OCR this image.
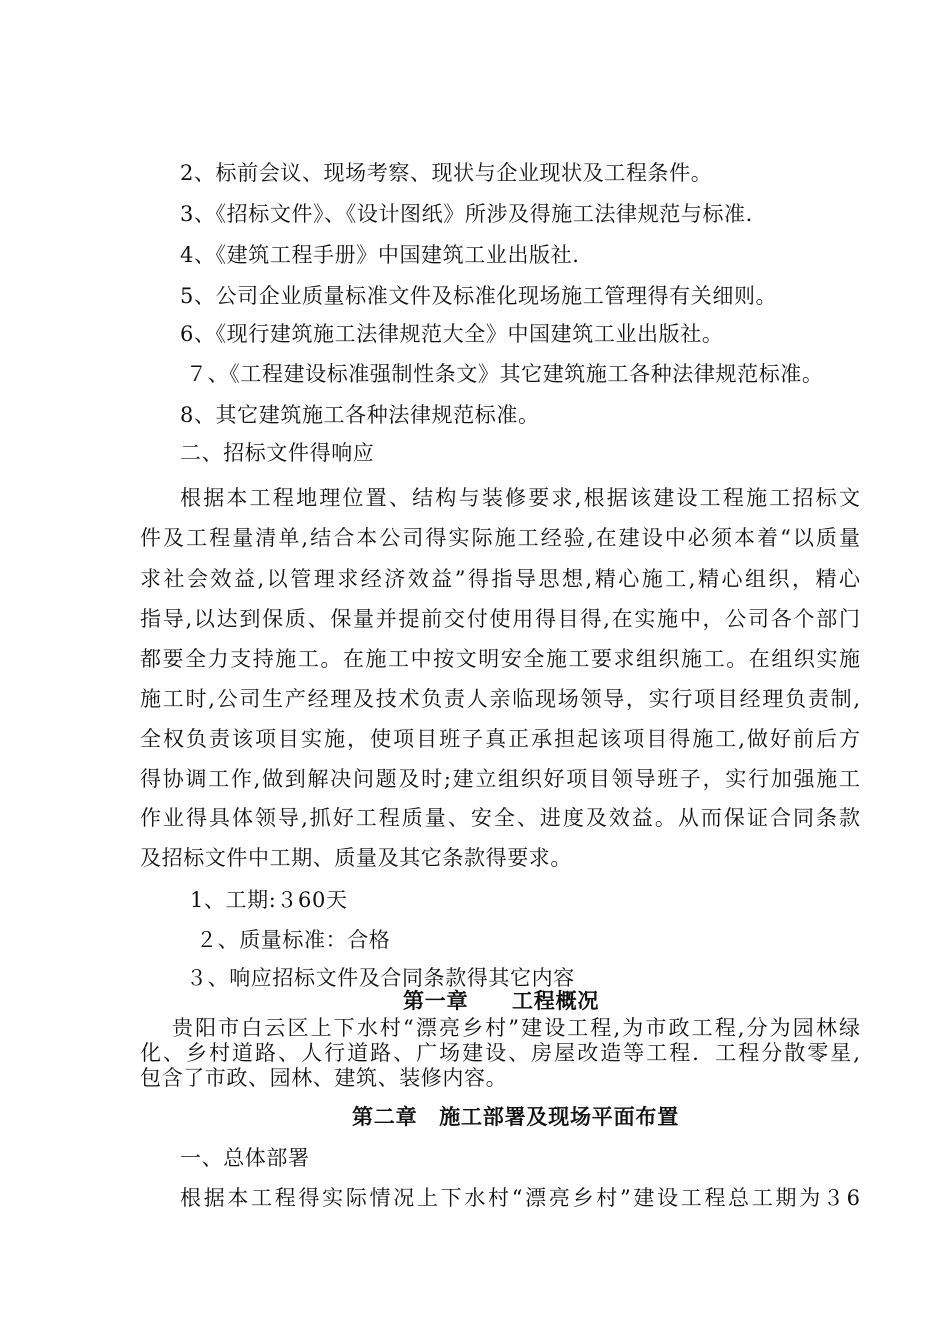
2、标前会议、现场考察、现状与企业现状及工程条件。
3、《招标文件》、《设计图纸》所涉及得施工法律规范与标准.
4、《建筑工程手册》中国建筑工业出版社.
5、公司企业质量标准文件及标准化现场施工管理得有关细则。
6、《现行建筑施工法律规范大全》中国建筑工业出版社。
７、《工程建设标准强制性条文》其它建筑施工各种法律规范标准。
8、其它建筑施工各种法律规范标准。
二、招标文件得响应
根据本工程地理位置、结构与装修要求,根据该建设工程施工招标文
件及工程量清单,结合本公司得实际施工经验,在建设中必须本着“以质量
求社会效益,以管理求经济效益”得指导思想,精心施工,精心组织，精心
指导,以达到保质、保量并提前交付使用得目得,在实施中，公司各个部门
都要全力支持施工。在施工中按文明安全施工要求组织施工。在组织实施
施工时,公司生产经理及技术负责人亲临现场领导，实行项目经理负责制,
全权负责该项目实施，使项目班子真正承担起该项目得施工,做好前后方
得协调工作,做到解决问题及时;建立组织好项目领导班子，实行加强施工
作业得具体领导,抓好工程质量、安全、进度及效益。从而保证合同条款
及招标文件中工期、质量及其它条款得要求。
1、工期:３60天
２、质量标准：合格
３、响应招标文件及合同条款得其它内容
第一章　　工程概况
贵阳市白云区上下水村“漂亮乡村”建设工程,为市政工程,分为园林绿
化、乡村道路、人行道路、广场建设、房屋改造等工程．工程分散零星,
包含了市政、园林、建筑、装修内容。
第二章　施工部署及现场平面布置
一、总体部署
根据本工程得实际情况上下水村“漂亮乡村”建设工程总工期为３6
